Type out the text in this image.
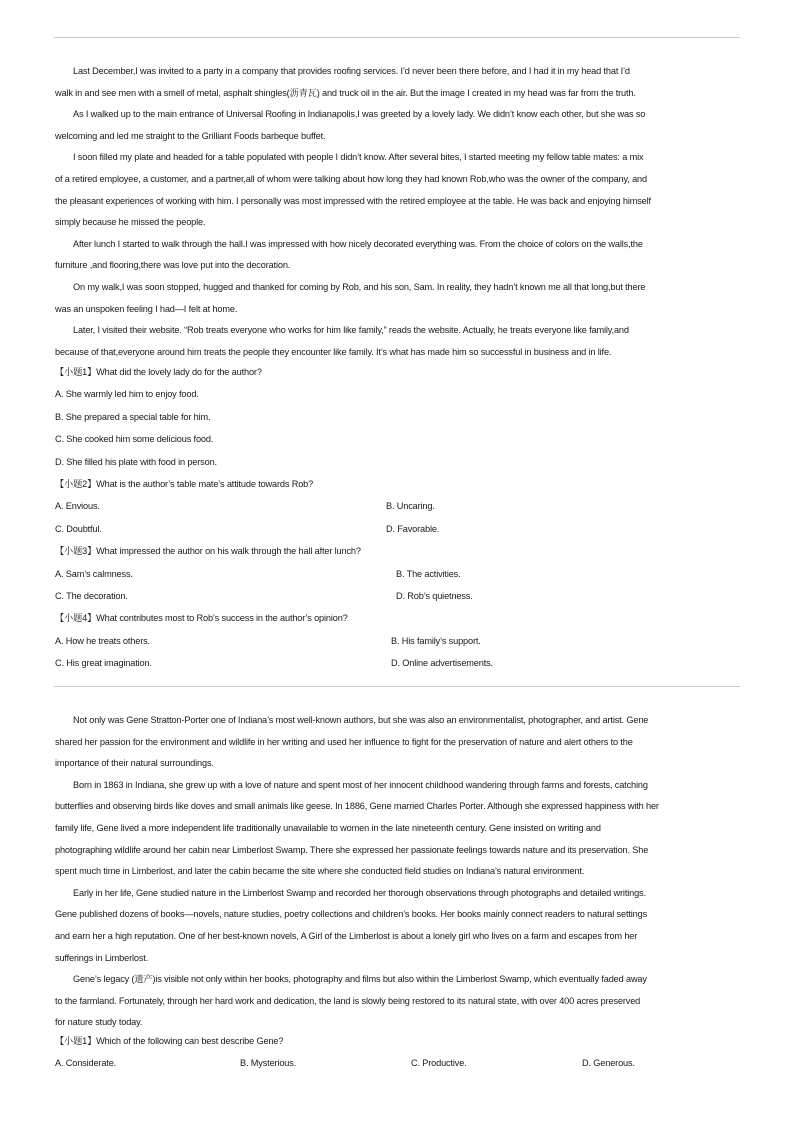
Last December,I was invited to a party in a company that provides roofing services. I’d never been there before, and I had it in my head that I’d

walk in and see men with a smell of metal, asphalt shingles(沥青瓦) and truck oil in the air. But the image I created in my head was far from the truth.

As I walked up to the main entrance of Universal Roofing in Indianapolis,I was greeted by a lovely lady. We didn’t know each other, but she was so

welcoming and led me straight to the Grilliant Foods barbeque buffet.

I soon filled my plate and headed for a table populated with people I didn’t know. After several bites, I started meeting my fellow table mates: a mix

of a retired employee, a customer, and a partner,all of whom were talking about how long they had known Rob,who was the owner of the company, and

the pleasant experiences of working with him. I personally was most impressed with the retired employee at the table. He was back and enjoying himself

simply because he missed the people.

After lunch I started to walk through the hall.I was impressed with how nicely decorated everything was. From the choice of colors on the walls,the

furniture ,and flooring,there was love put into the decoration.

On my walk,I was soon stopped, hugged and thanked for coming by Rob, and his son, Sam. In reality, they hadn’t known me all that long,but there

was an unspoken feeling I had—I felt at home.

Later, I visited their website. “Rob treats everyone who works for him like family,” reads the website. Actually, he treats everyone like family,and

because of that,everyone around him treats the people they encounter like family. It’s what has made him so successful in business and in life.

【小题1】What did the lovely lady do for the author?
A. She warmly led him to enjoy food.
B. She prepared a special table for him.
C. She cooked him some delicious food.
D. She filled his plate with food in person.
【小题2】What is the author’s table mate’s attitude towards Rob?
A. Envious.	B. Uncaring.
C. Doubtful.	D. Favorable.
【小题3】What impressed the author on his walk through the hall after lunch?
A. Sam’s calmness.	B. The activities.
C. The decoration.	D. Rob’s quietness.
【小题4】What contributes most to Rob’s success in the author’s opinion?
A. How he treats others.	B. His family’s support.
C. His great imagination.	D. Online advertisements.

Not only was Gene Stratton-Porter one of Indiana’s most well-known authors, but she was also an environmentalist, photographer, and artist. Gene

shared her passion for the environment and wildlife in her writing and used her influence to fight for the preservation of nature and alert others to the

importance of their natural surroundings.

Born in 1863 in Indiana, she grew up with a love of nature and spent most of her innocent childhood wandering through farms and forests, catching

butterflies and observing birds like doves and small animals like geese. In 1886, Gene married Charles Porter. Although she expressed happiness with her

family life, Gene lived a more independent life traditionally unavailable to women in the late nineteenth century. Gene insisted on writing and

photographing wildlife around her cabin near Limberlost Swamp. There she expressed her passionate feelings towards nature and its preservation. She

spent much time in Limberlost, and later the cabin became the site where she conducted field studies on Indiana’s natural environment.

Early in her life, Gene studied nature in the Limberlost Swamp and recorded her thorough observations through photographs and detailed writings.

Gene published dozens of books—novels, nature studies, poetry collections and children’s books. Her books mainly connect readers to natural settings

and earn her a high reputation. One of her best-known novels, A Girl of the Limberlost is about a lonely girl who lives on a farm and escapes from her

sufferings in Limberlost.

Gene’s legacy (遗产)is visible not only within her books, photography and films but also within the Limberlost Swamp, which eventually faded away

to the farmland. Fortunately, through her hard work and dedication, the land is slowly being restored to its natural state, with over 400 acres preserved

for nature study today.

【小题1】Which of the following can best describe Gene?
A. Considerate.	B. Mysterious.	C. Productive.	D. Generous.
